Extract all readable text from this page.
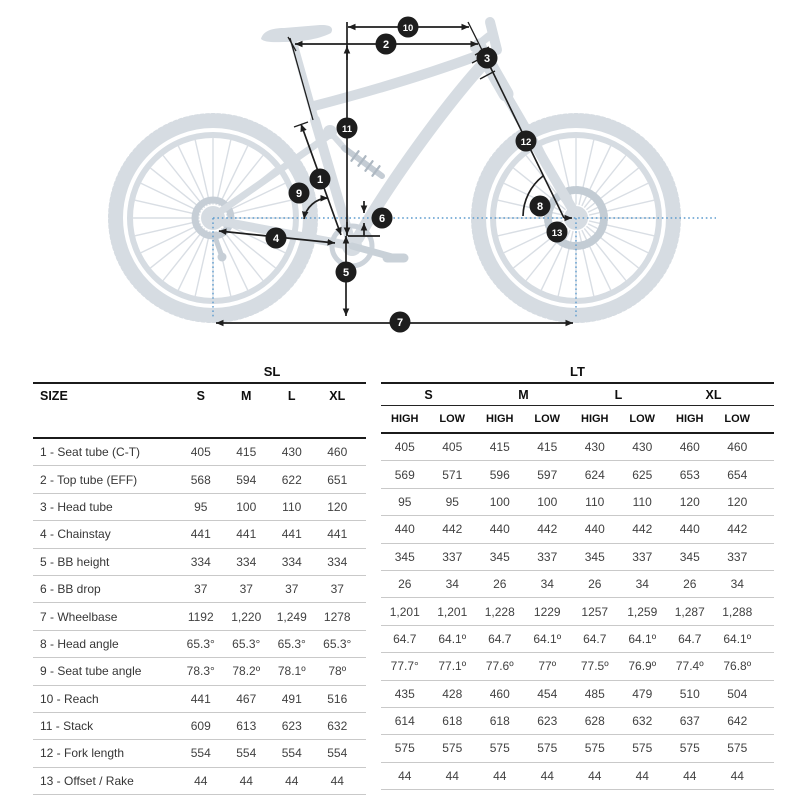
1
2
3
4
5
6
7
8
9
10
11
12
13
	SL				
SIZE	S	M	L	XL	
1 - Seat tube (C-T)	405	415	430	460	
2 - Top tube (EFF)	568	594	622	651	
3 - Head tube	95	100	110	120	
4 - Chainstay	441	441	441	441	
5 - BB height	334	334	334	334	
6 - BB drop	37	37	37	37	
7 - Wheelbase	1192	1,220	1,249	1278	
8 - Head angle	65.3°	65.3°	65.3°	65.3°	
9 - Seat tube angle	78.3°	78.2º	78.1º	78º	
10 - Reach	441	467	491	516	
11 - Stack	609	613	623	632	
12 - Fork length	554	554	554	554	
13 - Offset / Rake	44	44	44	44	
LT								
S		M		L		XL		
HIGH	LOW	HIGH	LOW	HIGH	LOW	HIGH	LOW	
405	405	415	415	430	430	460	460	
569	571	596	597	624	625	653	654	
95	95	100	100	110	110	120	120	
440	442	440	442	440	442	440	442	
345	337	345	337	345	337	345	337	
26	34	26	34	26	34	26	34	
1,201	1,201	1,228	1229	1257	1,259	1,287	1,288	
64.7	64.1º	64.7	64.1º	64.7	64.1º	64.7	64.1º	
77.7°	77.1º	77.6º	77º	77.5º	76.9º	77.4º	76.8º	
435	428	460	454	485	479	510	504	
614	618	618	623	628	632	637	642	
575	575	575	575	575	575	575	575	
44	44	44	44	44	44	44	44	
